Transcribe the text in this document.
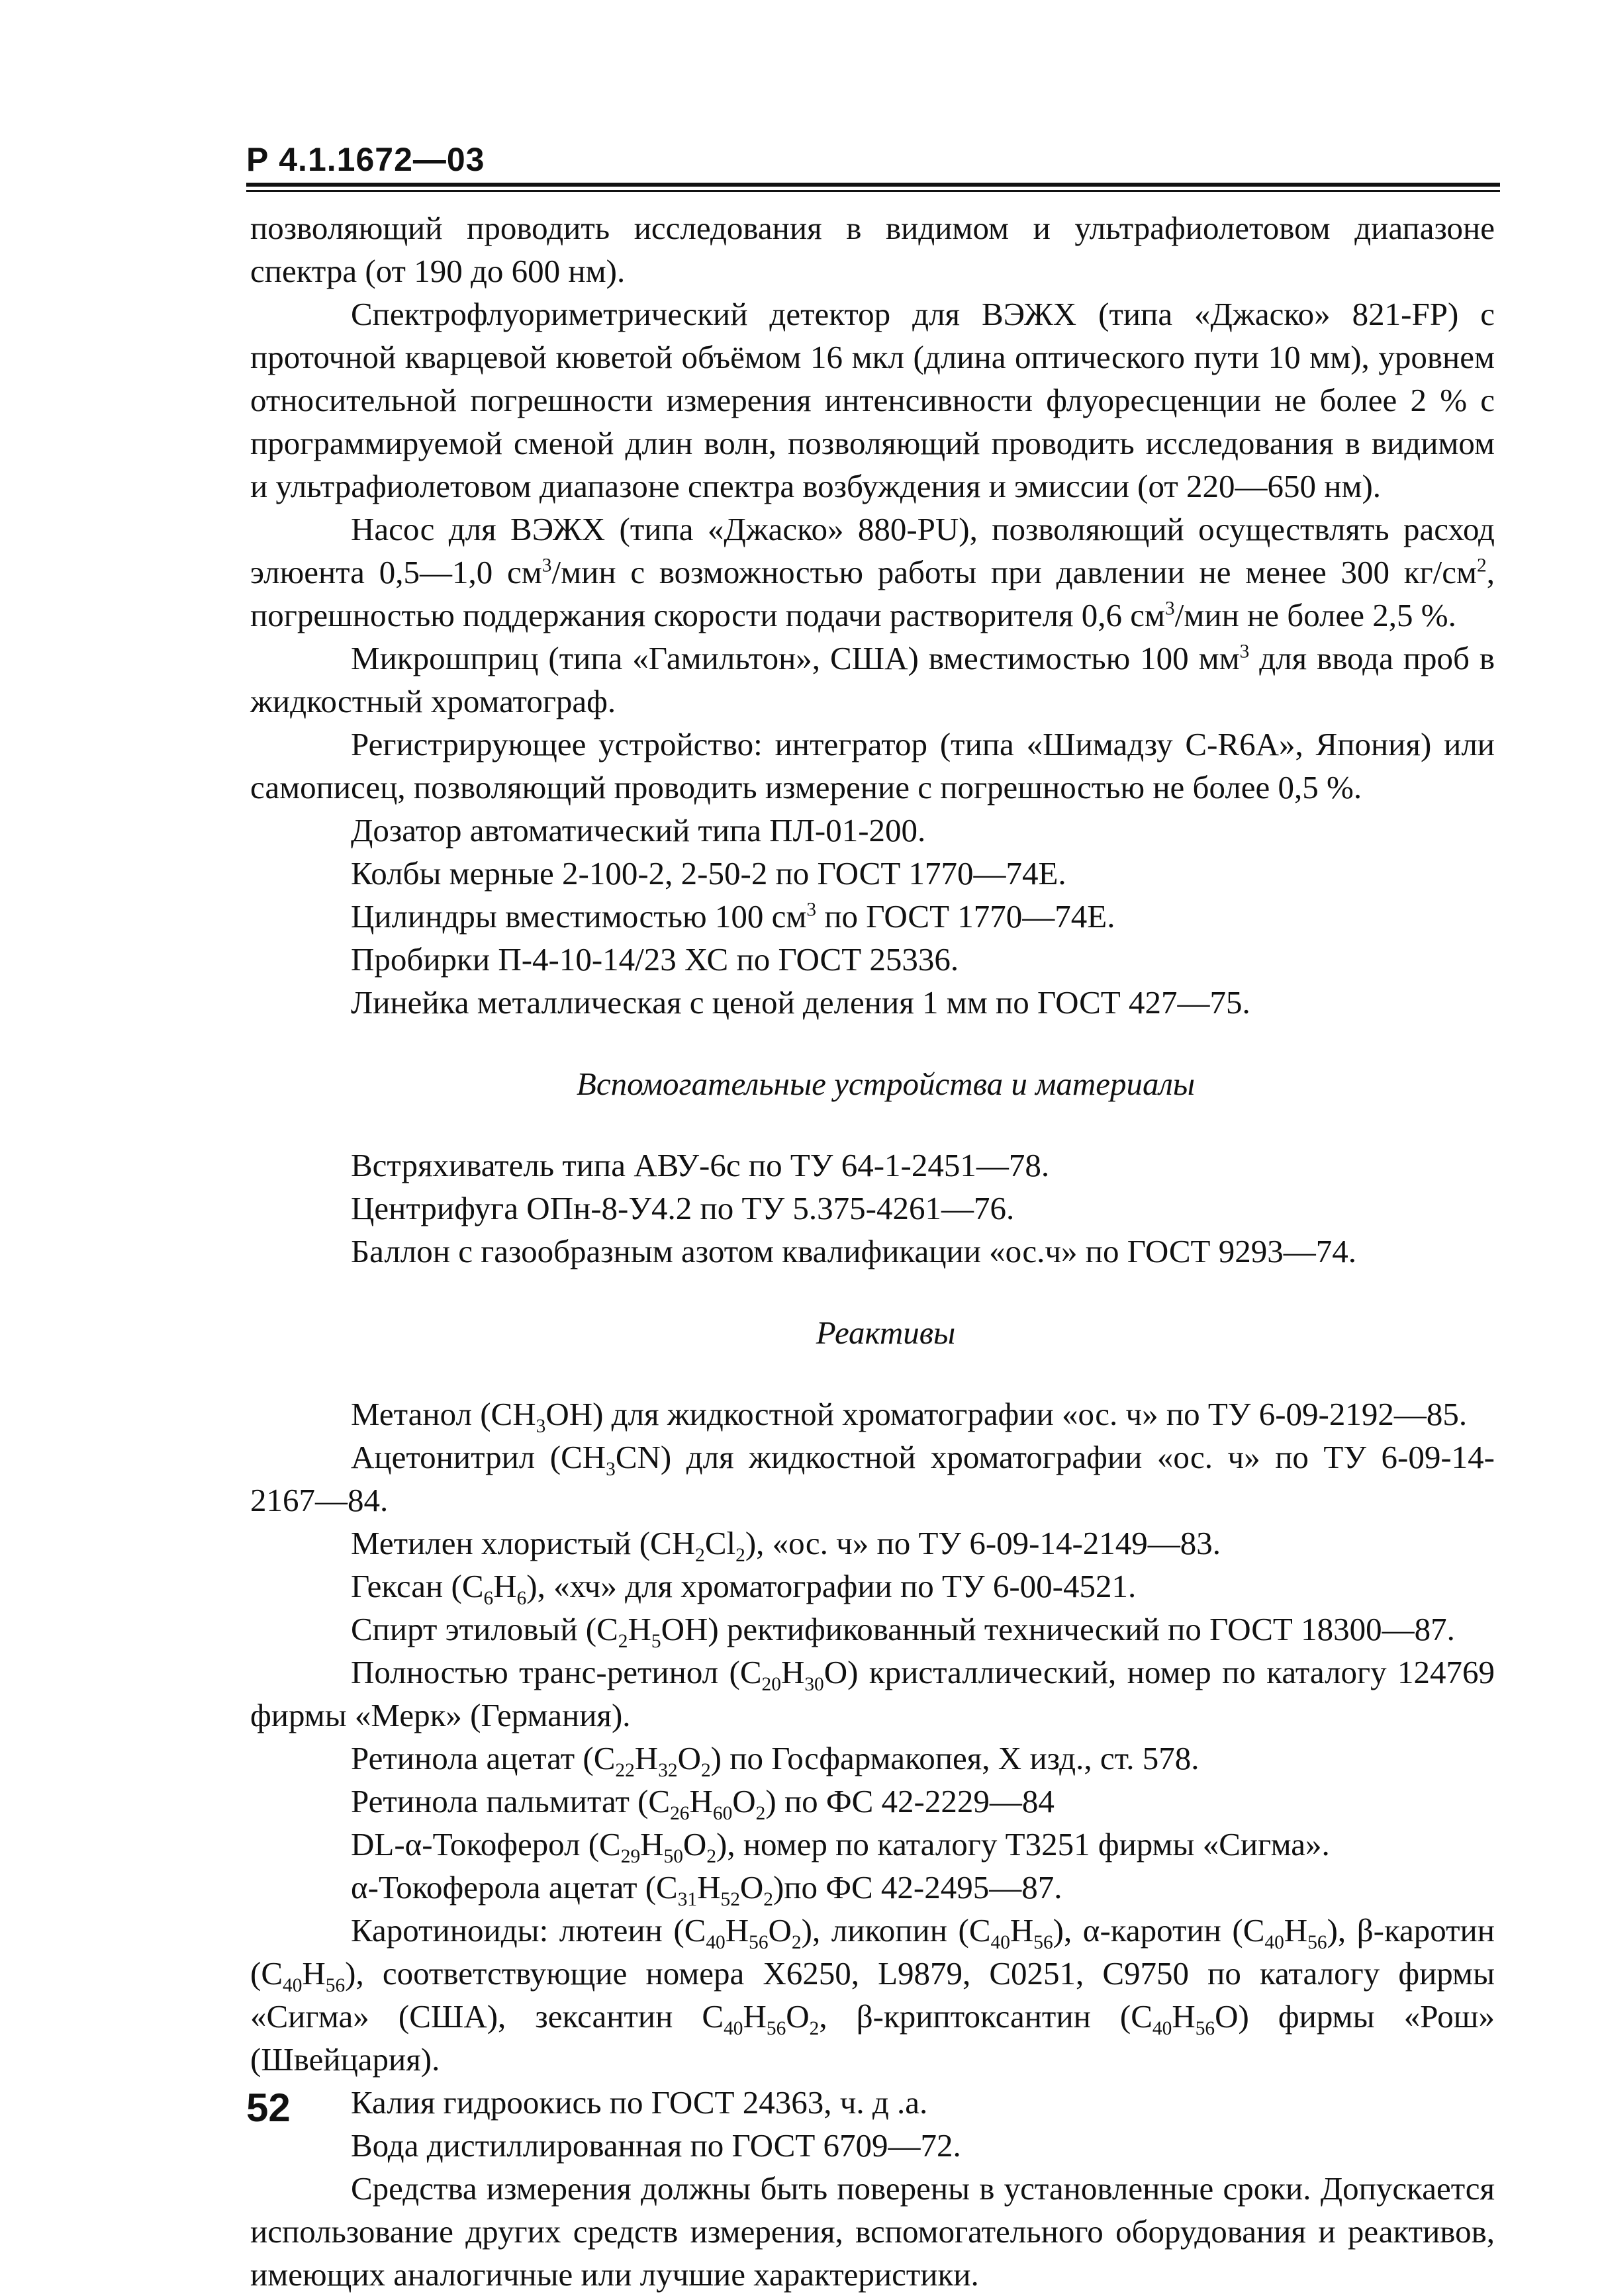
Р 4.1.1672—03

позволяющий проводить исследования в видимом и ультрафиолетовом диапазоне спектра (от 190 до 600 нм).

Спектрофлуориметрический детектор для ВЭЖХ (типа «Джаско» 821-FP) с проточной кварцевой кюветой объёмом 16 мкл (длина оптического пути 10 мм), уровнем относительной погрешности измерения интенсивности флуоресценции не более 2 % с программируемой сменой длин волн, позволяющий проводить исследования в видимом и ультрафиолетовом диапазоне спектра возбуждения и эмиссии (от 220—650 нм).

Насос для ВЭЖХ (типа «Джаско» 880-PU), позволяющий осуществлять расход элюента 0,5—1,0 $см^3$/мин с возможностью работы при давлении не менее 300 $кг/см^2$, погрешностью поддержания скорости подачи растворителя 0,6 $см^3$/мин не более 2,5 %.

Микрошприц (типа «Гамильтон», США) вместимостью 100 $мм^3$ для ввода проб в жидкостный хроматограф.

Регистрирующее устройство: интегратор (типа «Шимадзу C-R6A», Япония) или самописец, позволяющий проводить измерение с погрешностью не более 0,5 %.

Дозатор автоматический типа ПЛ-01-200.

Колбы мерные 2-100-2, 2-50-2 по ГОСТ 1770—74Е.

Цилиндры вместимостью 100 $см^3$ по ГОСТ 1770—74Е.

Пробирки П-4-10-14/23 ХС по ГОСТ 25336.

Линейка металлическая с ценой деления 1 мм по ГОСТ 427—75.

Вспомогательные устройства и материалы

Встряхиватель типа АВУ-6с по ТУ 64-1-2451—78.

Центрифуга ОПн-8-У4.2 по ТУ 5.375-4261—76.

Баллон с газообразным азотом квалификации «ос.ч» по ГОСТ 9293—74.

Реактивы

Метанол $(CH_3OH)$ для жидкостной хроматографии «ос. ч» по ТУ 6-09-2192—85.

Ацетонитрил $(CH_3CN)$ для жидкостной хроматографии «ос. ч» по ТУ 6-09-14-2167—84.

Метилен хлористый $(CH_2Cl_2)$, «ос. ч» по ТУ 6-09-14-2149—83.

Гексан $(C_6H_6)$, «хч» для хроматографии по ТУ 6-00-4521.

Спирт этиловый $(C_2H_5OH)$ ректификованный технический по ГОСТ 18300—87.

Полностью транс-ретинол $(C_{20}H_{30}O)$ кристаллический, номер по каталогу 124769 фирмы «Мерк» (Германия).

Ретинола ацетат $(C_{22}H_{32}O_2)$ по Госфармакопея, X изд., ст. 578.

Ретинола пальмитат $(C_{26}H_{60}O_2)$ по ФС 42-2229—84

DL-α-Токоферол $(C_{29}H_{50}O_2)$, номер по каталогу T3251 фирмы «Сигма».

α-Токоферола ацетат $(C_{31}H_{52}O_2)по$ ФС 42-2495—87.

Каротиноиды: лютеин $(C_{40}H_{56}O_2)$, ликопин $(C_{40}H_{56})$, α-каротин $(C_{40}H_{56})$, β-каротин $(C_{40}H_{56})$, соответствующие номера X6250, L9879, C0251, C9750 по каталогу фирмы «Сигма» (США), зексантин $C_{40}H_{56}O_2$, β-криптоксантин $(C_{40}H_{56}O)$ фирмы «Рош» (Швейцария).

Калия гидроокись по ГОСТ 24363, ч. д .а.

Вода дистиллированная по ГОСТ 6709—72.

Средства измерения должны быть поверены в установленные сроки. Допускается использование других средств измерения, вспомогательного оборудования и реактивов, имеющих аналогичные или лучшие характеристики.

52
